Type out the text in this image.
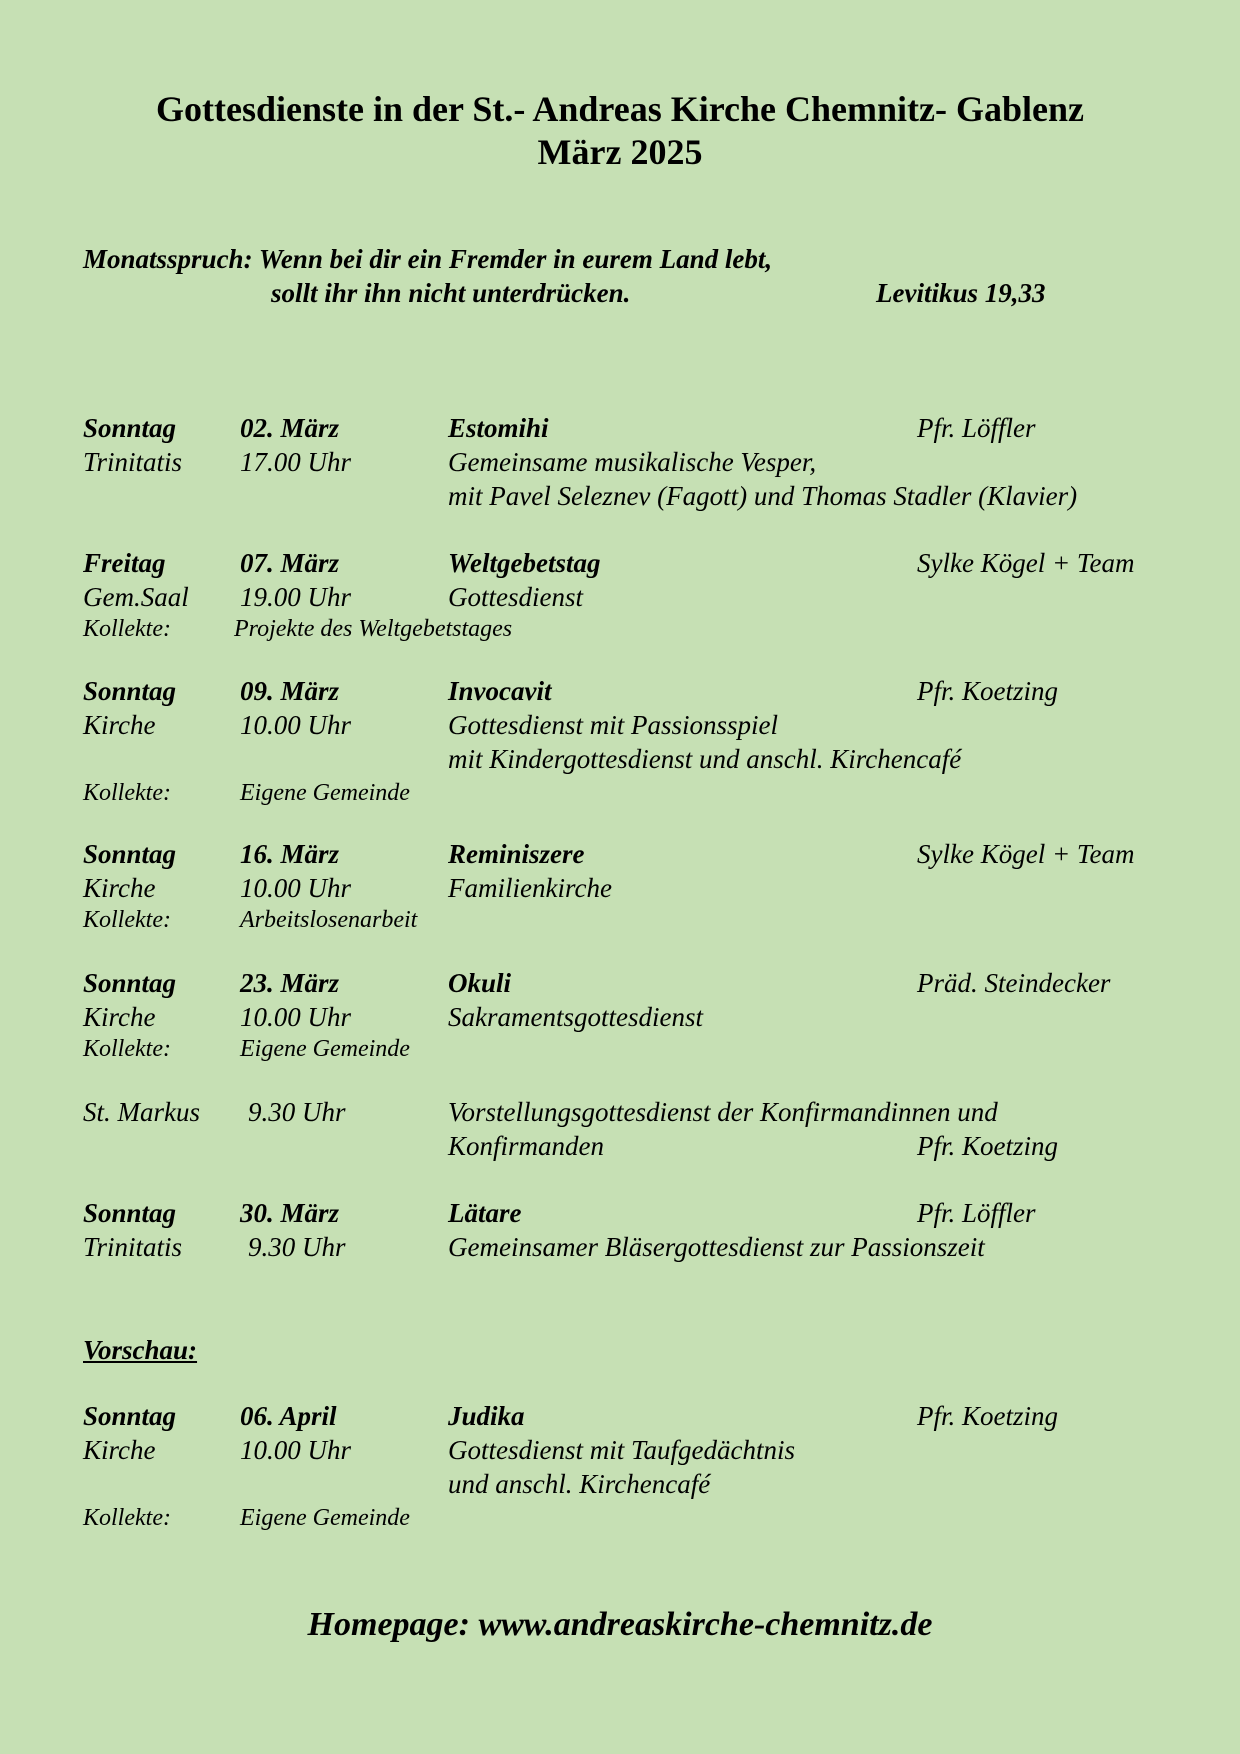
Gottesdienste in der St.- Andreas Kirche Chemnitz- Gablenz
März 2025
Monatsspruch: Wenn bei dir ein Fremder in eurem Land lebt,
sollt ihr ihn nicht unterdrücken.	Levitikus 19,33
Sonntag 02. März	Estomihi	Pfr. Löffler
Trinitatis 17.00 Uhr	Gemeinsame musikalische Vesper,
mit Pavel Seleznev (Fagott) und Thomas Stadler (Klavier)
Freitag	07. März	Weltgebetstag	Sylke Kögel + Team
Gem.Saal 19.00 Uhr	Gottesdienst
Kollekte:	Projekte des Weltgebetstages
Sonntag 09. März	Invocavit	Pfr. Koetzing
Kirche	10.00 Uhr	Gottesdienst mit Passionsspiel
mit Kindergottesdienst und anschl. Kirchencafé
Kollekte:	Eigene Gemeinde
Sonntag 16. März	Reminiszere	Sylke Kögel + Team
Kirche	10.00 Uhr	Familienkirche
Kollekte:	Arbeitslosenarbeit
Sonntag 23. März	Okuli	Präd. Steindecker
Kirche	10.00 Uhr	Sakramentsgottesdienst
Kollekte:	Eigene Gemeinde
St. Markus 9.30 Uhr	Vorstellungsgottesdienst der Konfirmandinnen und
Konfirmanden	Pfr. Koetzing
Sonntag 30. März	Lätare	Pfr. Löffler
Trinitatis 9.30 Uhr	Gemeinsamer Bläsergottesdienst zur Passionszeit
Vorschau:
Sonntag 06. April	Judika	Pfr. Koetzing
Kirche	10.00 Uhr	Gottesdienst mit Taufgedächtnis
und anschl. Kirchencafé
Kollekte:	Eigene Gemeinde
Homepage: www.andreaskirche-chemnitz.de
